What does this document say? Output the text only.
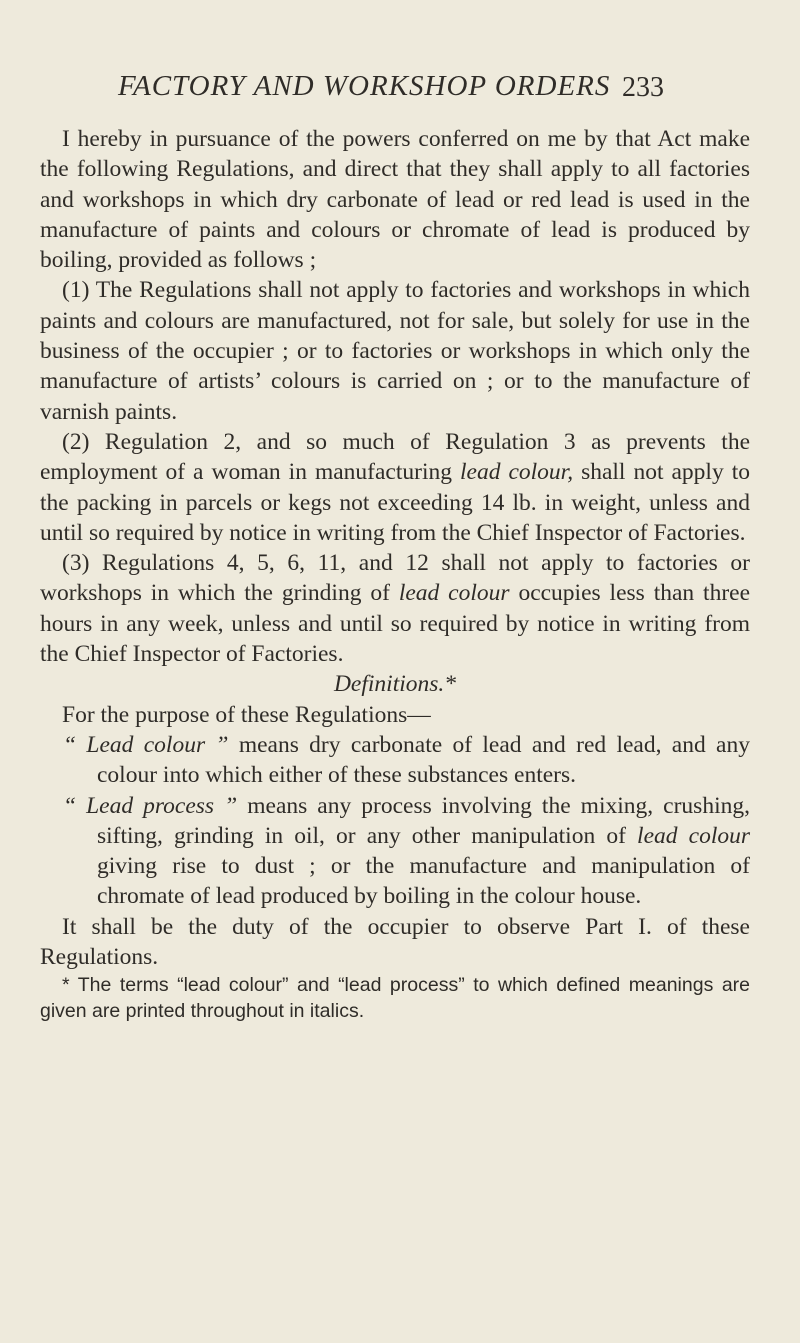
FACTORY AND WORKSHOP ORDERS 233

I hereby in pursuance of the powers conferred on me by that Act make the following Regulations, and direct that they shall apply to all factories and workshops in which dry carbonate of lead or red lead is used in the manufacture of paints and colours or chromate of lead is produced by boiling, provided as follows ;

(1) The Regulations shall not apply to factories and workshops in which paints and colours are manufactured, not for sale, but solely for use in the business of the occupier ; or to factories or workshops in which only the manufacture of artists’ colours is carried on ; or to the manufacture of varnish paints.

(2) Regulation 2, and so much of Regulation 3 as prevents the employment of a woman in manufacturing lead colour, shall not apply to the packing in parcels or kegs not exceeding 14 lb. in weight, unless and until so required by notice in writing from the Chief Inspector of Factories.

(3) Regulations 4, 5, 6, 11, and 12 shall not apply to factories or workshops in which the grinding of lead colour occupies less than three hours in any week, unless and until so required by notice in writing from the Chief Inspector of Factories.

Definitions.*

For the purpose of these Regulations—

“ Lead colour ” means dry carbonate of lead and red lead, and any colour into which either of these substances enters.

“ Lead process ” means any process involving the mixing, crushing, sifting, grinding in oil, or any other manipulation of lead colour giving rise to dust ; or the manufacture and manipulation of chromate of lead produced by boiling in the colour house.

It shall be the duty of the occupier to observe Part I. of these Regulations.

* The terms “lead colour” and “lead process” to which defined meanings are given are printed throughout in italics.
